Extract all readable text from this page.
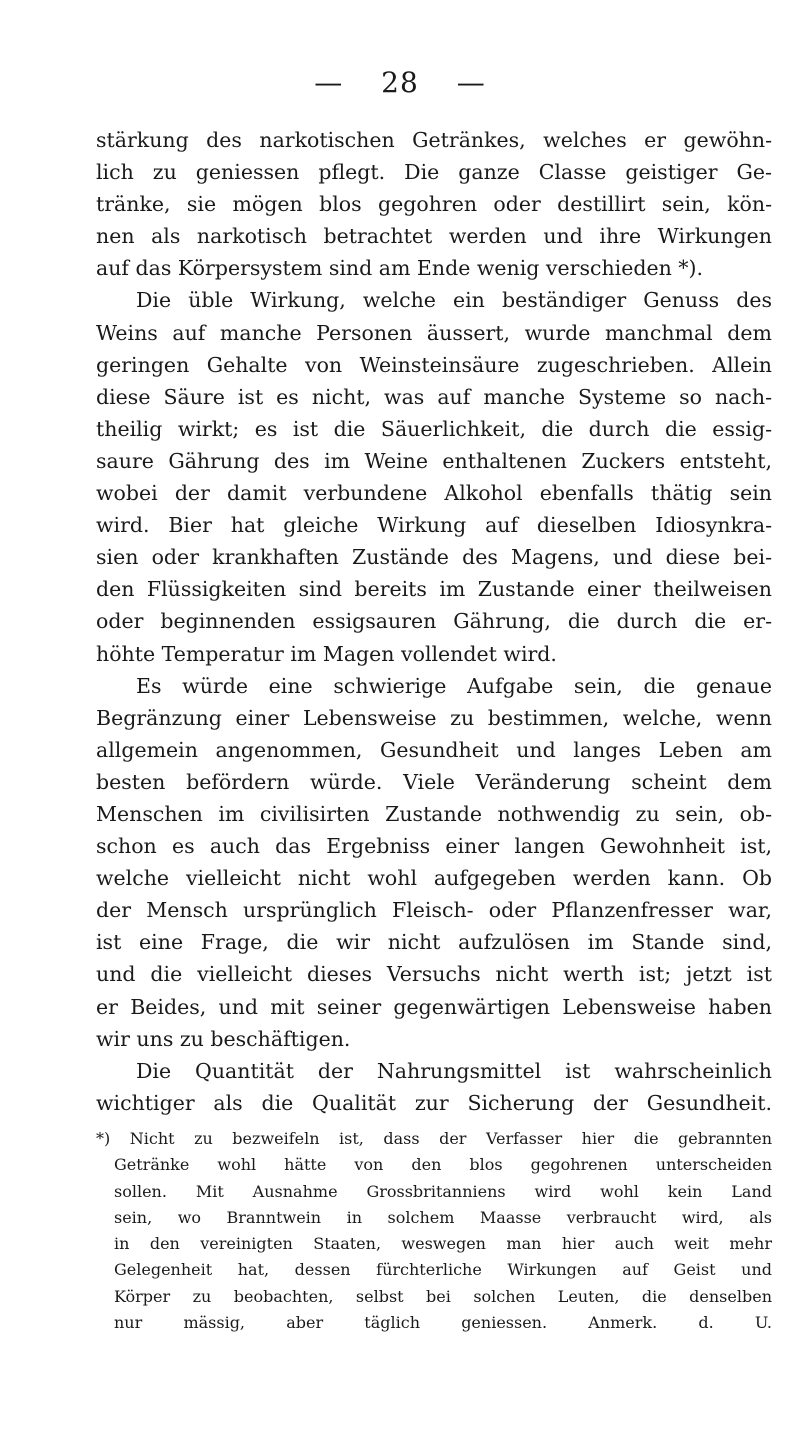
— 28 —
stärkung des narkotischen Getränkes, welches er gewöhn-
lich zu geniessen pflegt. Die ganze Classe geistiger Ge-
tränke, sie mögen blos gegohren oder destillirt sein, kön-
nen als narkotisch betrachtet werden und ihre Wirkungen
auf das Körpersystem sind am Ende wenig verschieden *).
Die üble Wirkung, welche ein beständiger Genuss des
Weins auf manche Personen äussert, wurde manchmal dem
geringen Gehalte von Weinsteinsäure zugeschrieben. Allein
diese Säure ist es nicht, was auf manche Systeme so nach-
theilig wirkt; es ist die Säuerlichkeit, die durch die essig-
saure Gährung des im Weine enthaltenen Zuckers entsteht,
wobei der damit verbundene Alkohol ebenfalls thätig sein
wird. Bier hat gleiche Wirkung auf dieselben Idiosynkra-
sien oder krankhaften Zustände des Magens, und diese bei-
den Flüssigkeiten sind bereits im Zustande einer theilweisen
oder beginnenden essigsauren Gährung, die durch die er-
höhte Temperatur im Magen vollendet wird.
Es würde eine schwierige Aufgabe sein, die genaue
Begränzung einer Lebensweise zu bestimmen, welche, wenn
allgemein angenommen, Gesundheit und langes Leben am
besten befördern würde. Viele Veränderung scheint dem
Menschen im civilisirten Zustande nothwendig zu sein, ob-
schon es auch das Ergebniss einer langen Gewohnheit ist,
welche vielleicht nicht wohl aufgegeben werden kann. Ob
der Mensch ursprünglich Fleisch- oder Pflanzenfresser war,
ist eine Frage, die wir nicht aufzulösen im Stande sind,
und die vielleicht dieses Versuchs nicht werth ist; jetzt ist
er Beides, und mit seiner gegenwärtigen Lebensweise haben
wir uns zu beschäftigen.
Die Quantität der Nahrungsmittel ist wahrscheinlich
wichtiger als die Qualität zur Sicherung der Gesundheit.
*) Nicht zu bezweifeln ist, dass der Verfasser hier die gebrannten
Getränke wohl hätte von den blos gegohrenen unterscheiden
sollen. Mit Ausnahme Grossbritanniens wird wohl kein Land
sein, wo Branntwein in solchem Maasse verbraucht wird, als
in den vereinigten Staaten, weswegen man hier auch weit mehr
Gelegenheit hat, dessen fürchterliche Wirkungen auf Geist und
Körper zu beobachten, selbst bei solchen Leuten, die denselben
nur mässig, aber täglich geniessen. Anmerk. d. U.
